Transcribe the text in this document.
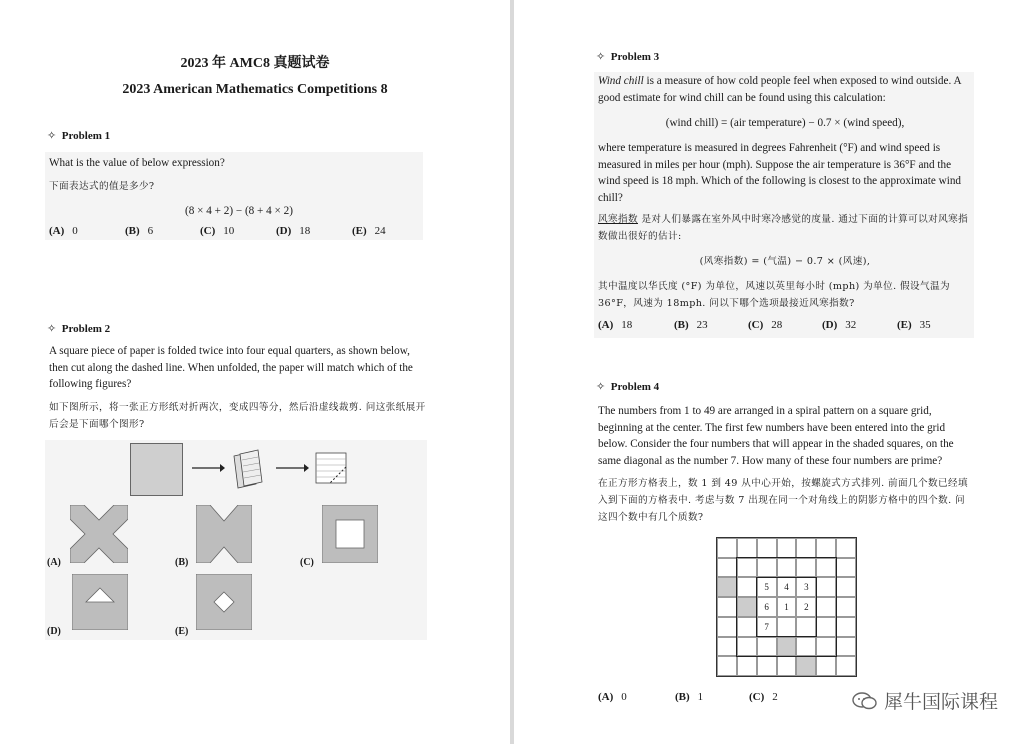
2023 年 AMC8 真题试卷
2023 American Mathematics Competitions 8
✧ Problem 1
What is the value of below expression?
下面表达式的值是多少?
(8 × 4 + 2) − (8 + 4 × 2)
(A) 0	(B) 6	(C) 10	(D) 18	(E) 24
✧ Problem 2
A square piece of paper is folded twice into four equal quarters, as shown below, then cut along the dashed line. When unfolded, the paper will match which of the following figures?
如下图所示，将一张正方形纸对折两次，变成四等分，然后沿虚线裁剪. 问这张纸展开后会是下面哪个图形?
(A)	(B)	(C)
(D)	(E)
✧ Problem 3
Wind chill is a measure of how cold people feel when exposed to wind outside. A good estimate for wind chill can be found using this calculation:
(wind chill) = (air temperature) − 0.7 × (wind speed),
where temperature is measured in degrees Fahrenheit (°F) and wind speed is measured in miles per hour (mph). Suppose the air temperature is 36°F and the wind speed is 18 mph. Which of the following is closest to the approximate wind chill?
风寒指数 是对人们暴露在室外风中时寒冷感觉的度量. 通过下面的计算可以对风寒指数做出很好的估计:
(风寒指数) = (气温) − 0.7 × (风速),
其中温度以华氏度 (°F) 为单位，风速以英里每小时 (mph) 为单位. 假设气温为 36°F，风速为 18mph. 问以下哪个选项最接近风寒指数?
(A) 18	(B) 23	(C) 28	(D) 32	(E) 35
✧ Problem 4
The numbers from 1 to 49 are arranged in a spiral pattern on a square grid, beginning at the center. The first few numbers have been entered into the grid below. Consider the four numbers that will appear in the shaded squares, on the same diagonal as the number 7. How many of these four numbers are prime?
在正方形方格表上，数 1 到 49 从中心开始，按螺旋式方式排列. 前面几个数已经填入到下面的方格表中. 考虑与数 7 出现在同一个对角线上的阴影方格中的四个数. 问这四个数中有几个质数?
5	4	3
6	1	2
7
(A) 0	(B) 1	(C) 2	犀牛国际课程
